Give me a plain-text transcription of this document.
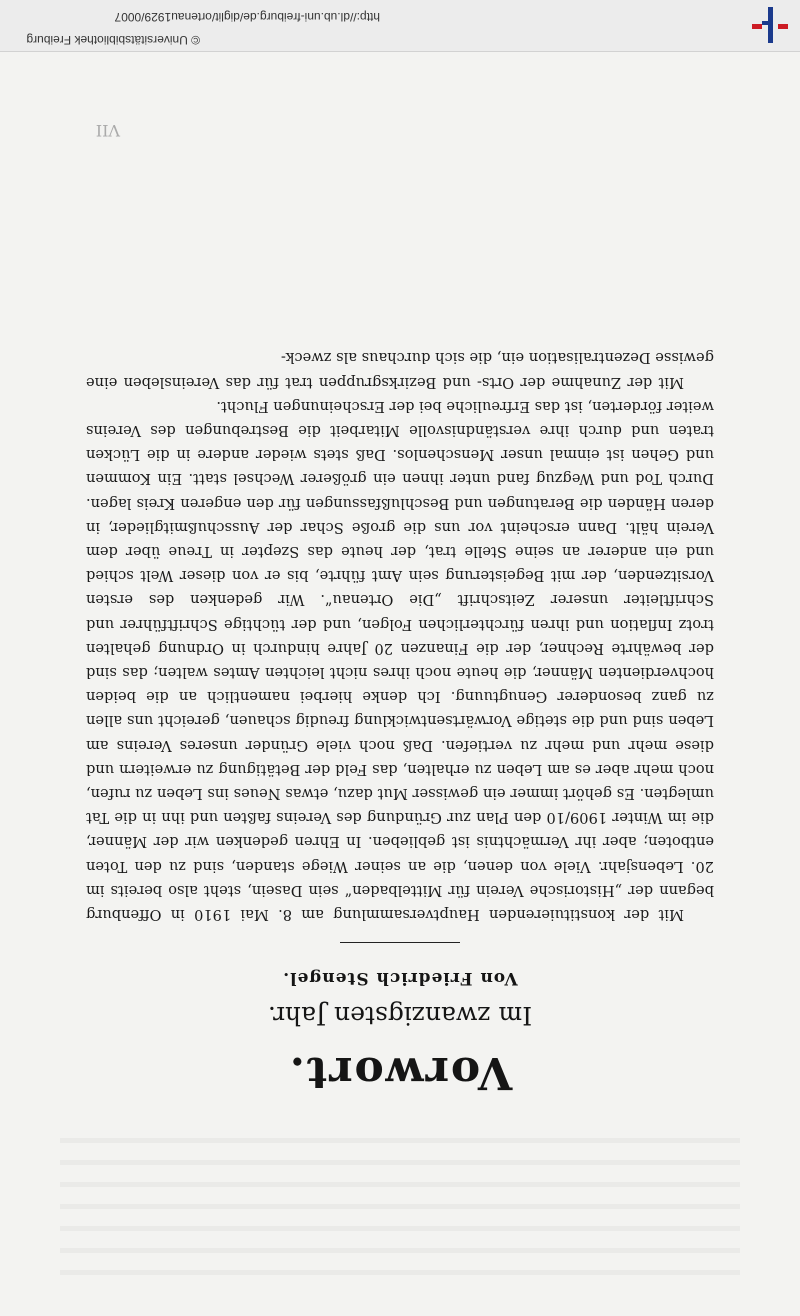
Vorwort.
Im zwanzigsten Jahr.
Von Friedrich Stengel.

Mit der konstituierenden Hauptversammlung am 8. Mai 1910 in Offenburg begann der „Historische Verein für Mittelbaden“ sein Dasein, steht also bereits im 20. Lebensjahr. Viele von denen, die an seiner Wiege standen, sind zu den Toten entboten; aber ihr Vermächtnis ist geblieben. In Ehren gedenken wir der Männer, die im Winter 1909/10 den Plan zur Gründung des Vereins faßten und ihn in die Tat umlegten. Es gehört immer ein gewisser Mut dazu, etwas Neues ins Leben zu rufen, noch mehr aber es am Leben zu erhalten, das Feld der Betätigung zu erweitern und diese mehr und mehr zu vertiefen. Daß noch viele Gründer unseres Vereins am Leben sind und die stetige Vorwärtsentwicklung freudig schauen, gereicht uns allen zu ganz besonderer Genugtuung. Ich denke hierbei namentlich an die beiden hochverdienten Männer, die heute noch ihres nicht leichten Amtes walten; das sind der bewährte Rechner, der die Finanzen 20 Jahre hindurch in Ordnung gehalten trotz Inflation und ihren fürchterlichen Folgen, und der tüchtige Schriftführer und Schriftleiter unserer Zeitschrift „Die Ortenau“. Wir gedenken des ersten Vorsitzenden, der mit Begeisterung sein Amt führte, bis er von dieser Welt schied und ein anderer an seine Stelle trat, der heute das Szepter in Treue über dem Verein hält. Dann erscheint vor uns die große Schar der Ausschußmitglieder, in deren Händen die Beratungen und Beschlußfassungen für den engeren Kreis lagen. Durch Tod und Wegzug fand unter ihnen ein größerer Wechsel statt. Ein Kommen und Gehen ist einmal unser Menschenlos. Daß stets wieder andere in die Lücken traten und durch ihre verständnisvolle Mitarbeit die Bestrebungen des Vereins weiter förderten, ist das Erfreuliche bei der Erscheinungen Flucht.
Mit der Zunahme der Orts- und Bezirksgruppen trat für das Vereinsleben eine gewisse Dezentralisation ein, die sich durchaus als zweck-

VII
© Universitätsbibliothek Freiburg
http://dl.ub.uni-freiburg.de/diglit/ortenau1929/0007
